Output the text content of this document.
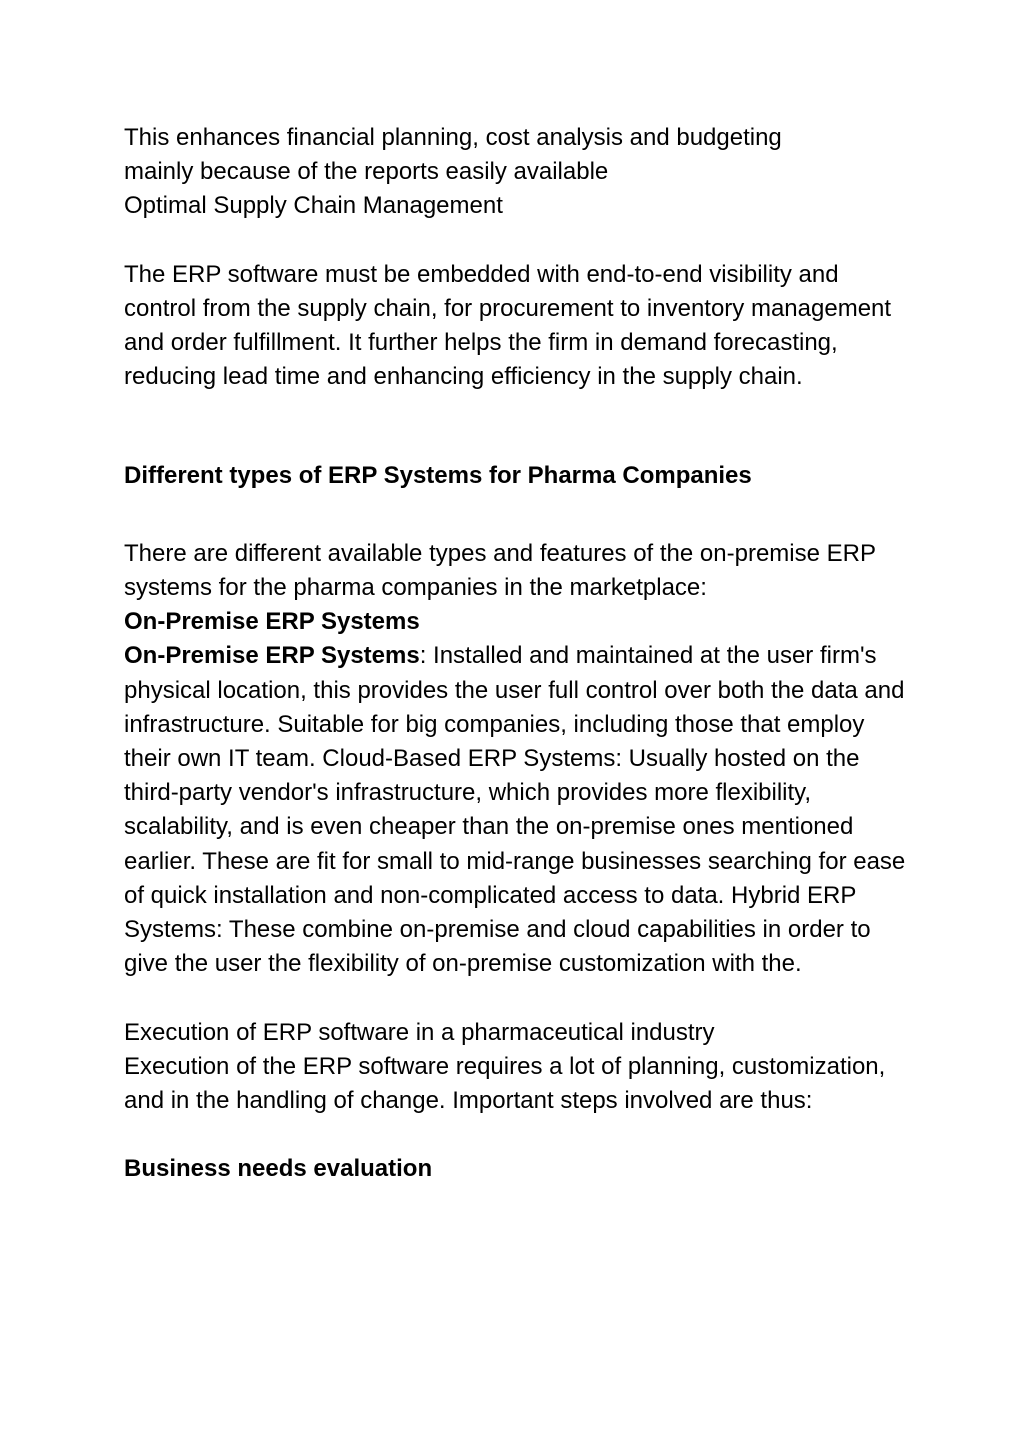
This enhances financial planning, cost analysis and budgeting

mainly because of the reports easily available

Optimal Supply Chain Management

The ERP software must be embedded with end-to-end visibility and control from the supply chain, for procurement to inventory management and order fulfillment. It further helps the firm in demand forecasting, reducing lead time and enhancing efficiency in the supply chain.

Different types of ERP Systems for Pharma Companies

There are different available types and features of the on-premise ERP systems for the pharma companies in the marketplace:

On-Premise ERP Systems

On-Premise ERP Systems: Installed and maintained at the user firm's physical location, this provides the user full control over both the data and infrastructure. Suitable for big companies, including those that employ their own IT team. Cloud-Based ERP Systems: Usually hosted on the third-party vendor's infrastructure, which provides more flexibility, scalability, and is even cheaper than the on-premise ones mentioned earlier. These are fit for small to mid-range businesses searching for ease of quick installation and non-complicated access to data. Hybrid ERP Systems: These combine on-premise and cloud capabilities in order to give the user the flexibility of on-premise customization with the.

Execution of ERP software in a pharmaceutical industry

Execution of the ERP software requires a lot of planning, customization, and in the handling of change. Important steps involved are thus:

Business needs evaluation
